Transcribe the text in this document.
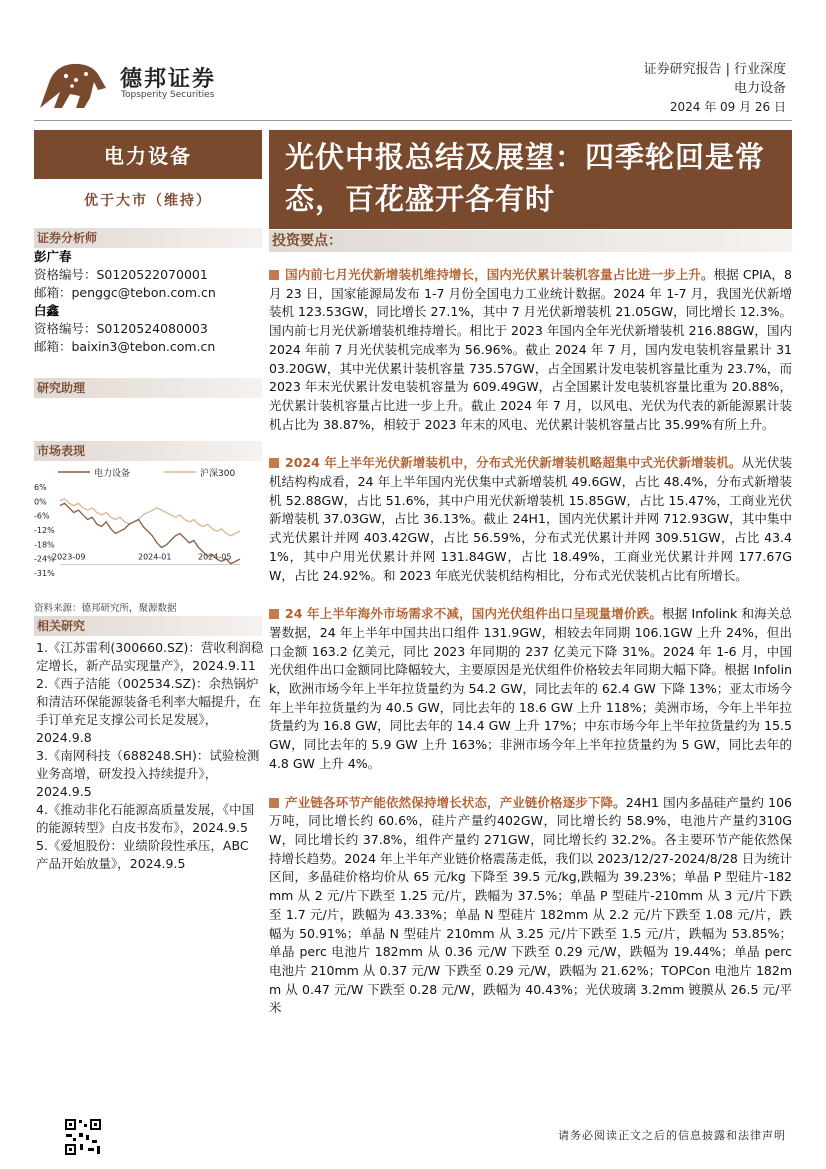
德邦证券
Topsperity Securities
证券研究报告 | 行业深度
电力设备
2024 年 09 月 26 日
电力设备	光伏中报总结及展望：四季轮回是常态，百花盛开各有时
优于大市（维持）
证券分析师
彭广春
资格编号：S0120522070001
邮箱：penggc@tebon.com.cn
白鑫
资格编号：S0120524080003
邮箱：baixin3@tebon.com.cn
研究助理
市场表现
电力设备	沪深300
6%
0%
-6%
-12%
-18%
-24%
-31%
2023-09	2024-01	2024-05
资料来源：德邦研究所，聚源数据
相关研究
1.《江苏雷利(300660.SZ)：营收利润稳定增长，新产品实现量产》，2024.9.11
2.《西子洁能（002534.SZ)：余热锅炉和清洁环保能源装备毛利率大幅提升，在手订单充足支撑公司长足发展》，2024.9.8
3.《南网科技（688248.SH)：试验检测业务高增，研发投入持续提升》，2024.9.5
4.《推动非化石能源高质量发展，《中国的能源转型》白皮书发布》，2024.9.5
5.《爱旭股份：业绩阶段性承压，ABC 产品开始放量》，2024.9.5
投资要点：
国内前七月光伏新增装机维持增长，国内光伏累计装机容量占比进一步上升。根据 CPIA，8 月 23 日，国家能源局发布 1-7 月份全国电力工业统计数据。2024 年 1-7 月，我国光伏新增装机 123.53GW，同比增长 27.1%，其中 7 月光伏新增装机 21.05GW，同比增长 12.3%。国内前七月光伏新增装机维持增长。相比于 2023 年国内全年光伏新增装机 216.88GW，国内 2024 年前 7 月光伏装机完成率为 56.96%。截止 2024 年 7 月，国内发电装机容量累计 3103.20GW，其中光伏累计装机容量 735.57GW，占全国累计发电装机容量比重为 23.7%，而 2023 年末光伏累计发电装机容量为 609.49GW，占全国累计发电装机容量比重为 20.88%，光伏累计装机容量占比进一步上升。截止 2024 年 7 月，以风电、光伏为代表的新能源累计装机占比为 38.87%，相较于 2023 年末的风电、光伏累计装机容量占比 35.99%有所上升。
2024 年上半年光伏新增装机中，分布式光伏新增装机略超集中式光伏新增装机。从光伏装机结构构成看，24 年上半年国内光伏集中式新增装机 49.6GW，占比 48.4%，分布式新增装机 52.88GW，占比 51.6%，其中户用光伏新增装机 15.85GW，占比 15.47%，工商业光伏新增装机 37.03GW，占比 36.13%。截止 24H1，国内光伏累计并网 712.93GW，其中集中式光伏累计并网 403.42GW，占比 56.59%，分布式光伏累计并网 309.51GW，占比 43.41%，其中户用光伏累计并网 131.84GW，占比 18.49%，工商业光伏累计并网 177.67GW，占比 24.92%。和 2023 年底光伏装机结构相比，分布式光伏装机占比有所增长。
24 年上半年海外市场需求不减，国内光伏组件出口呈现量增价跌。根据 Infolink 和海关总署数据，24 年上半年中国共出口组件 131.9GW，相较去年同期 106.1GW 上升 24%，但出口金额 163.2 亿美元，同比 2023 年同期的 237 亿美元下降 31%。2024 年 1-6 月，中国光伏组件出口金额同比降幅较大，主要原因是光伏组件价格较去年同期大幅下降。根据 Infolink，欧洲市场今年上半年拉货量约为 54.2 GW，同比去年的 62.4 GW 下降 13%；亚太市场今年上半年拉货量约为 40.5 GW，同比去年的 18.6 GW 上升 118%；美洲市场，今年上半年拉货量约为 16.8 GW，同比去年的 14.4 GW 上升 17%；中东市场今年上半年拉货量约为 15.5 GW，同比去年的 5.9 GW 上升 163%；非洲市场今年上半年拉货量约为 5 GW，同比去年的 4.8 GW 上升 4%。
产业链各环节产能依然保持增长状态，产业链价格逐步下降。24H1 国内多晶硅产量约 106 万吨，同比增长约 60.6%，硅片产量约402GW，同比增长约 58.9%，电池片产量约310GW，同比增长约 37.8%，组件产量约 271GW，同比增长约 32.2%。各主要环节产能依然保持增长趋势。2024 年上半年产业链价格震荡走低，我们以 2023/12/27-2024/8/28 日为统计区间，多晶硅价格均价从 65 元/kg 下降至 39.5 元/kg,跌幅为 39.23%；单晶 P 型硅片-182mm 从 2 元/片下跌至 1.25 元/片，跌幅为 37.5%；单晶 P 型硅片-210mm 从 3 元/片下跌至 1.7 元/片，跌幅为 43.33%；单晶 N 型硅片 182mm 从 2.2 元/片下跌至 1.08 元/片，跌幅为 50.91%；单晶 N 型硅片 210mm 从 3.25 元/片下跌至 1.5 元/片，跌幅为 53.85%；单晶 perc 电池片 182mm 从 0.36 元/W 下跌至 0.29 元/W，跌幅为 19.44%；单晶 perc 电池片 210mm 从 0.37 元/W 下跌至 0.29 元/W，跌幅为 21.62%；TOPCon 电池片 182mm 从 0.47 元/W 下跌至 0.28 元/W，跌幅为 40.43%；光伏玻璃 3.2mm 镀膜从 26.5 元/平米
请务必阅读正文之后的信息披露和法律声明
